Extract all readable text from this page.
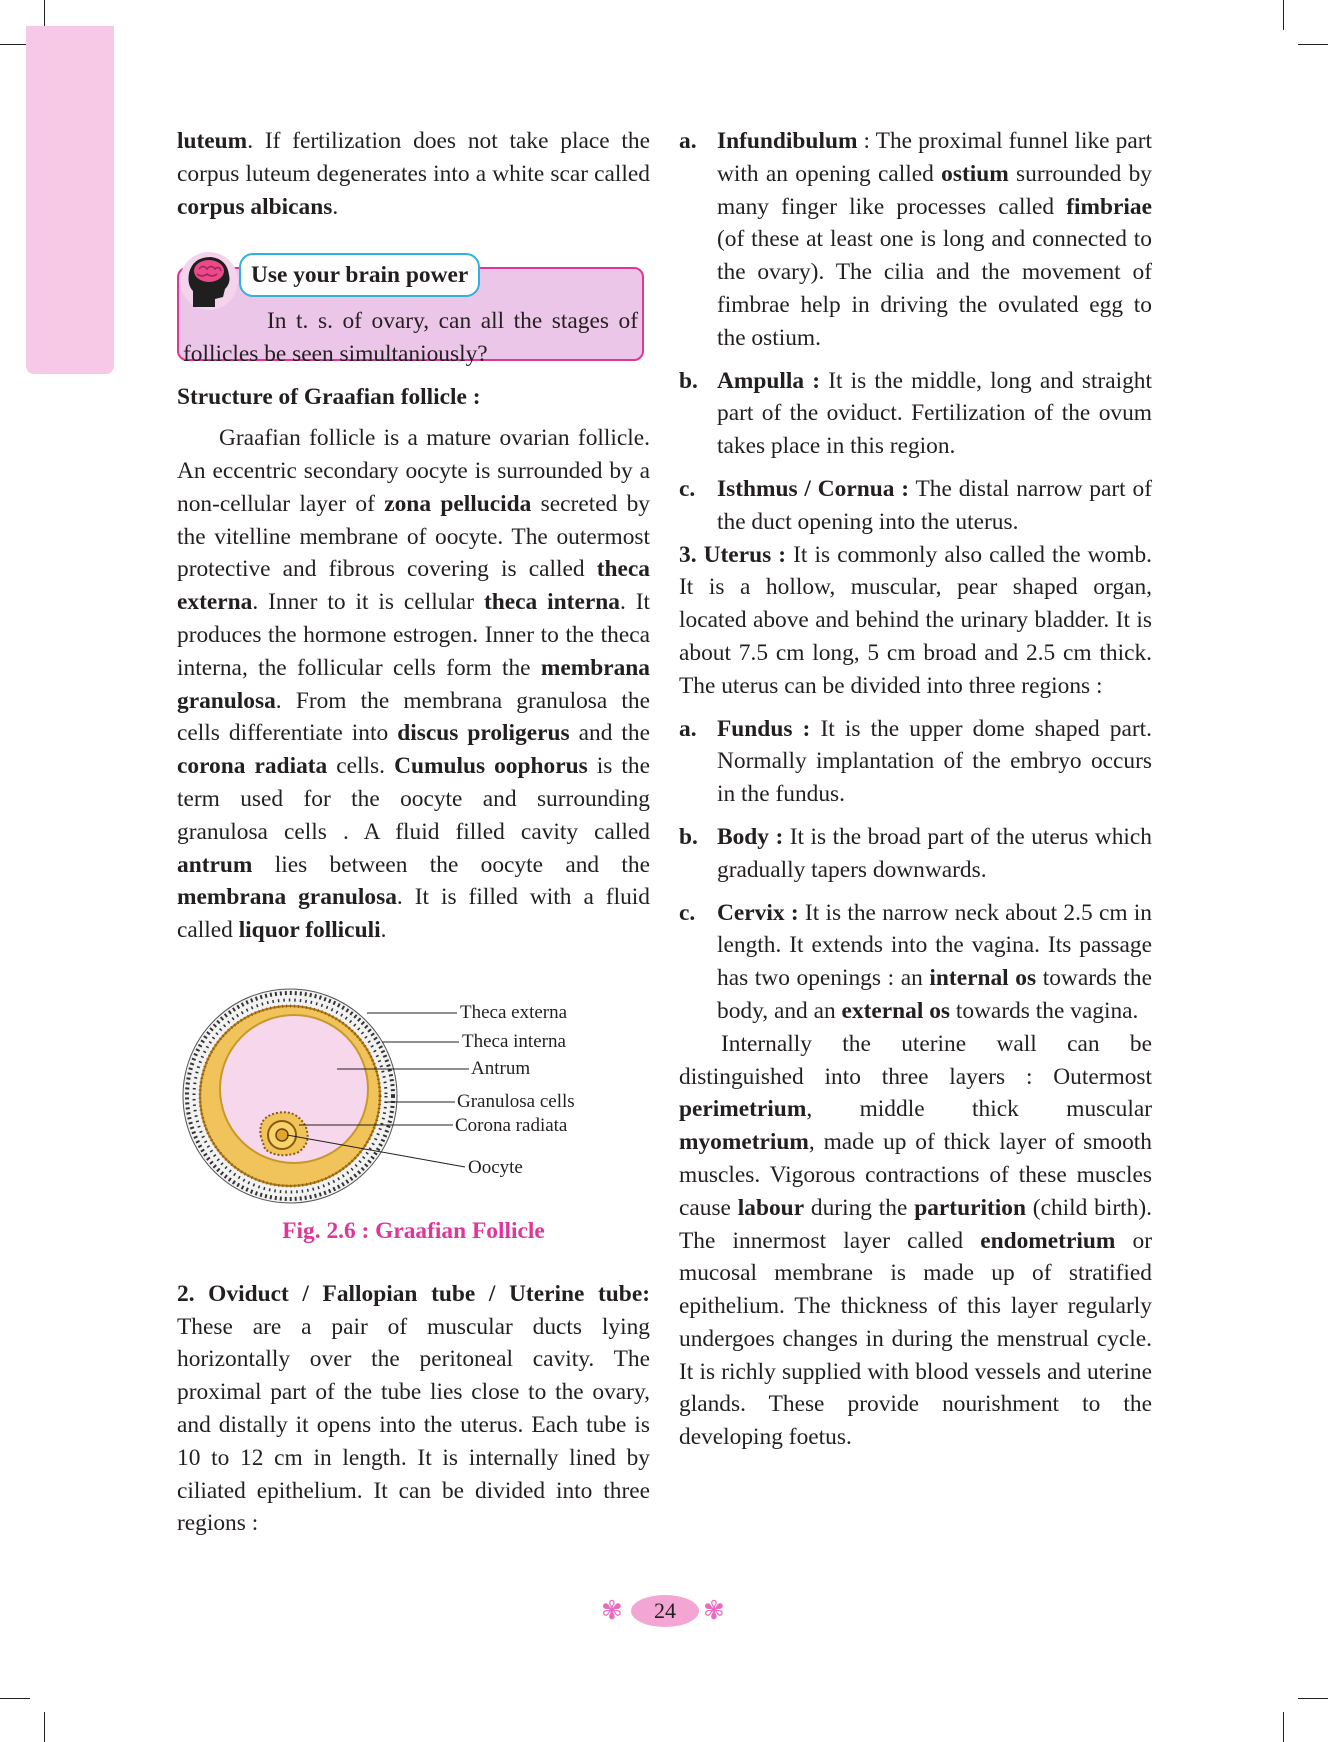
luteum. If fertilization does not take place the corpus luteum degenerates into a white scar called corpus albicans.

Use your brain power

In t. s. of ovary, can all the stages of follicles be seen simultaniously?

Structure of Graafian follicle :

Graafian follicle is a mature ovarian follicle. An eccentric secondary oocyte is surrounded by a non-cellular layer of zona pellucida secreted by the vitelline membrane of oocyte. The outermost protective and fibrous covering is called theca externa. Inner to it is cellular theca interna. It produces the hormone estrogen. Inner to the theca interna, the follicular cells form the membrana granulosa. From the membrana granulosa the cells differentiate into discus proligerus and the corona radiata cells. Cumulus oophorus is the term used for the oocyte and surrounding granulosa cells . A fluid filled cavity called antrum lies between the oocyte and the membrana granulosa. It is filled with a fluid called liquor folliculi.

Theca externa
Theca interna
Antrum
Granulosa cells
Corona radiata
Oocyte
Fig. 2.6 : Graafian Follicle

2. Oviduct / Fallopian tube / Uterine tube: These are a pair of muscular ducts lying horizontally over the peritoneal cavity. The proximal part of the tube lies close to the ovary, and distally it opens into the uterus. Each tube is 10 to 12 cm in length. It is internally lined by ciliated epithelium. It can be divided into three regions :

a. Infundibulum : The proximal funnel like part with an opening called ostium surrounded by many finger like processes called fimbriae (of these at least one is long and connected to the ovary). The cilia and the movement of fimbrae help in driving the ovulated egg to the ostium.

b. Ampulla : It is the middle, long and straight part of the oviduct. Fertilization of the ovum takes place in this region.

c. Isthmus / Cornua : The distal narrow part of the duct opening into the uterus.

3. Uterus : It is commonly also called the womb. It is a hollow, muscular, pear shaped organ, located above and behind the urinary bladder. It is about 7.5 cm long, 5 cm broad and 2.5 cm thick. The uterus can be divided into three regions :

a. Fundus : It is the upper dome shaped part. Normally implantation of the embryo occurs in the fundus.

b. Body : It is the broad part of the uterus which gradually tapers downwards.

c. Cervix : It is the narrow neck about 2.5 cm in length. It extends into the vagina. Its passage has two openings : an internal os towards the body, and an external os towards the vagina.

Internally the uterine wall can be distinguished into three layers : Outermost perimetrium, middle thick muscular myometrium, made up of thick layer of smooth muscles. Vigorous contractions of these muscles cause labour during the parturition (child birth). The innermost layer called endometrium or mucosal membrane is made up of stratified epithelium. The thickness of this layer regularly undergoes changes in during the menstrual cycle. It is richly supplied with blood vessels and uterine glands. These provide nourishment to the developing foetus.

✾	24	✾
